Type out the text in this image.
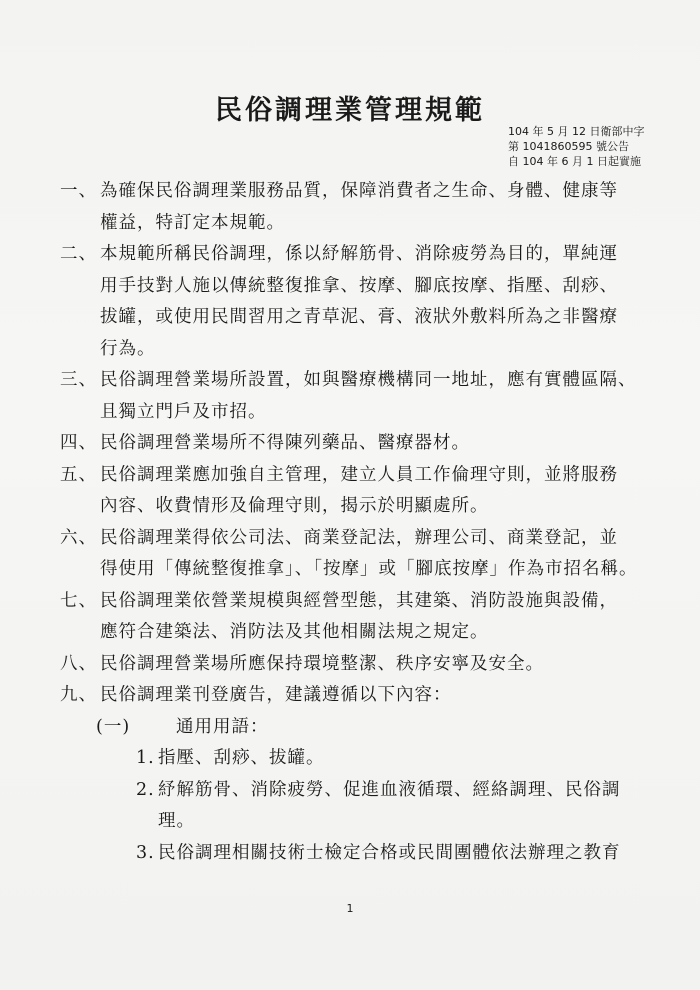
民俗調理業管理規範
104 年 5 月 12 日衛部中字
第 1041860595 號公告
自 104 年 6 月 1 日起實施
一、 為確保民俗調理業服務品質，保障消費者之生命、身體、健康等
權益，特訂定本規範。
二、 本規範所稱民俗調理，係以紓解筋骨、消除疲勞為目的，單純運
用手技對人施以傳統整復推拿、按摩、腳底按摩、指壓、刮痧、
拔罐，或使用民間習用之青草泥、膏、液狀外敷料所為之非醫療
行為。
三、 民俗調理營業場所設置，如與醫療機構同一地址，應有實體區隔、
且獨立門戶及市招。
四、 民俗調理營業場所不得陳列藥品、醫療器材。
五、 民俗調理業應加強自主管理，建立人員工作倫理守則，並將服務
內容、收費情形及倫理守則，揭示於明顯處所。
六、 民俗調理業得依公司法、商業登記法，辦理公司、商業登記，並
得使用「傳統整復推拿」、「按摩」或「腳底按摩」作為市招名稱。
七、 民俗調理業依營業規模與經營型態，其建築、消防設施與設備，
應符合建築法、消防法及其他相關法規之規定。
八、 民俗調理營業場所應保持環境整潔、秩序安寧及安全。
九、 民俗調理業刊登廣告，建議遵循以下內容：
(一)	通用用語：
1. 指壓、刮痧、拔罐。
2. 紓解筋骨、消除疲勞、促進血液循環、經絡調理、民俗調
理。
3. 民俗調理相關技術士檢定合格或民間團體依法辦理之教育
1
